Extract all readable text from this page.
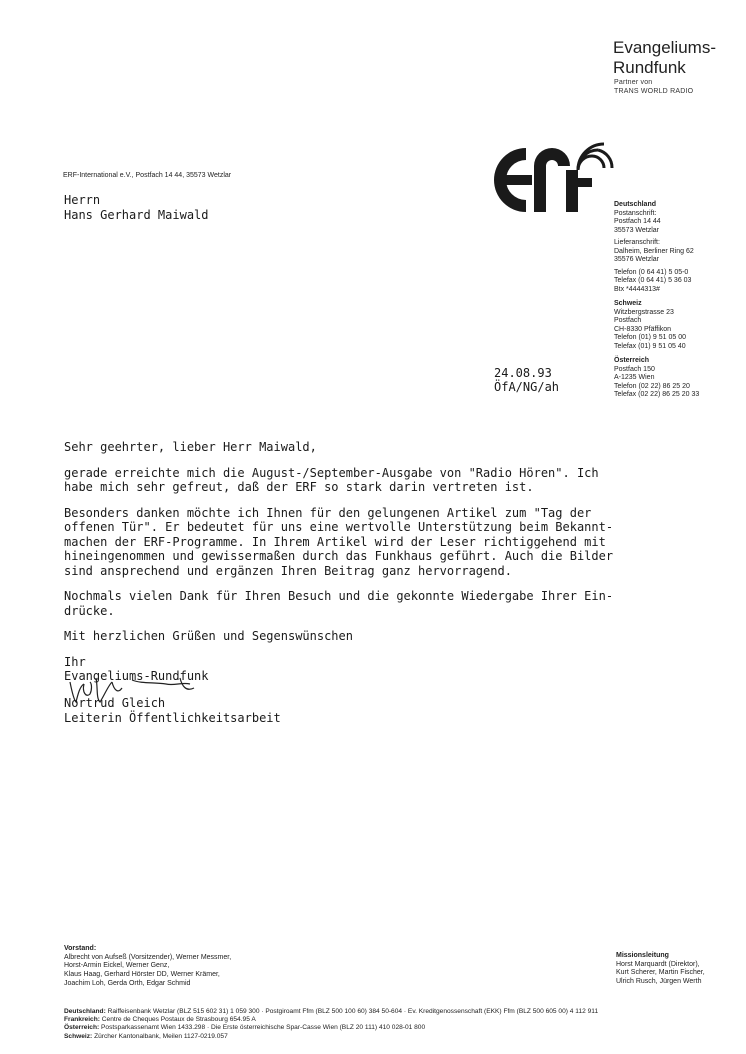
Evangeliums-
Rundfunk
Partner von
TRANS WORLD RADIO
ERF-International e.V., Postfach 14 44, 35573 Wetzlar
Herrn
Hans Gerhard Maiwald
Deutschland
Postanschrift:
Postfach 14 44
35573 Wetzlar
Lieferanschrift:
Dalheim, Berliner Ring 62
35576 Wetzlar
Telefon (0 64 41) 5 05-0
Telefax (0 64 41) 5 36 03
Btx *4444313#
Schweiz
Witzbergstrasse 23
Postfach
CH-8330 Pfäffikon
Telefon (01) 9 51 05 00
Telefax (01) 9 51 05 40
Österreich
Postfach 150
A-1235 Wien
Telefon (02 22) 86 25 20
Telefax (02 22) 86 25 20 33
24.08.93
ÖfA/NG/ah

Sehr geehrter, lieber Herr Maiwald,

gerade erreichte mich die August-/September-Ausgabe von "Radio Hören". Ich
habe mich sehr gefreut, daß der ERF so stark darin vertreten ist.

Besonders danken möchte ich Ihnen für den gelungenen Artikel zum "Tag der
offenen Tür". Er bedeutet für uns eine wertvolle Unterstützung beim Bekannt-
machen der ERF-Programme. In Ihrem Artikel wird der Leser richtiggehend mit
hineingenommen und gewissermaßen durch das Funkhaus geführt. Auch die Bilder
sind ansprechend und ergänzen Ihren Beitrag ganz hervorragend.

Nochmals vielen Dank für Ihren Besuch und die gekonnte Wiedergabe Ihrer Ein-
drücke.

Mit herzlichen Grüßen und Segenswünschen

Ihr
Evangeliums-Rundfunk
Nortrud Gleich
Leiterin Öffentlichkeitsarbeit
Vorstand:
Albrecht von Aufseß (Vorsitzender), Werner Messmer,
Horst-Armin Eickel, Werner Genz,
Klaus Haag, Gerhard Hörster DD, Werner Krämer,
Joachim Loh, Gerda Orth, Edgar Schmid
Missionsleitung
Horst Marquardt (Direktor),
Kurt Scherer, Martin Fischer,
Ulrich Rusch, Jürgen Werth
Deutschland: Raiffeisenbank Wetzlar (BLZ 515 602 31) 1 059 300 · Postgiroamt Ffm (BLZ 500 100 60) 384 50-604 · Ev. Kreditgenossenschaft (EKK) Ffm (BLZ 500 605 00) 4 112 911
Frankreich: Centre de Cheques Postaux de Strasbourg 654.95 A
Österreich: Postsparkassenamt Wien 1433.298 · Die Erste österreichische Spar-Casse Wien (BLZ 20 111) 410 028-01 800
Schweiz: Zürcher Kantonalbank, Meilen 1127-0219.057
